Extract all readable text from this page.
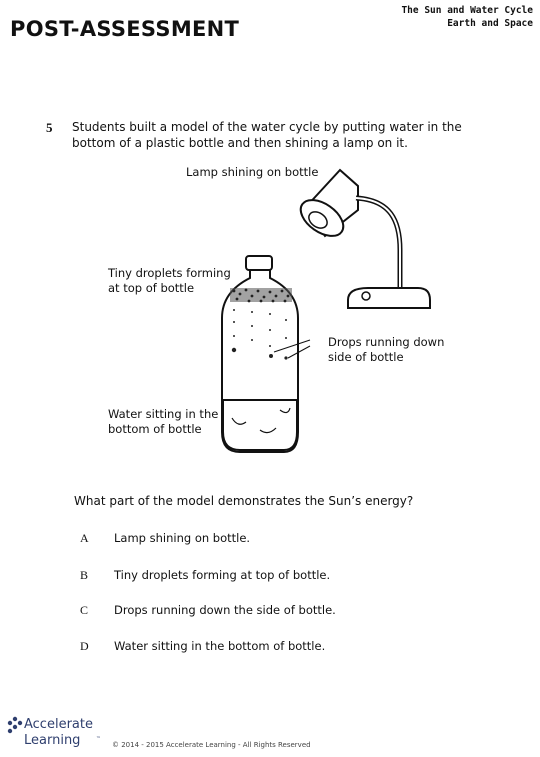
POST-ASSESSMENT
The Sun and Water Cycle
Earth and Space
5 Students built a model of the water cycle by putting water in the bottom of a plastic bottle and then shining a lamp on it.
Lamp shining on bottle
Tiny droplets forming
at top of bottle
Drops running down
side of bottle
Water sitting in the
bottom of bottle
What part of the model demonstrates the Sun’s energy?
A Lamp shining on bottle.
B Tiny droplets forming at top of bottle.
C Drops running down the side of bottle.
D Water sitting in the bottom of bottle.
Accelerate
Learning	™
© 2014 - 2015 Accelerate Learning - All Rights Reserved
